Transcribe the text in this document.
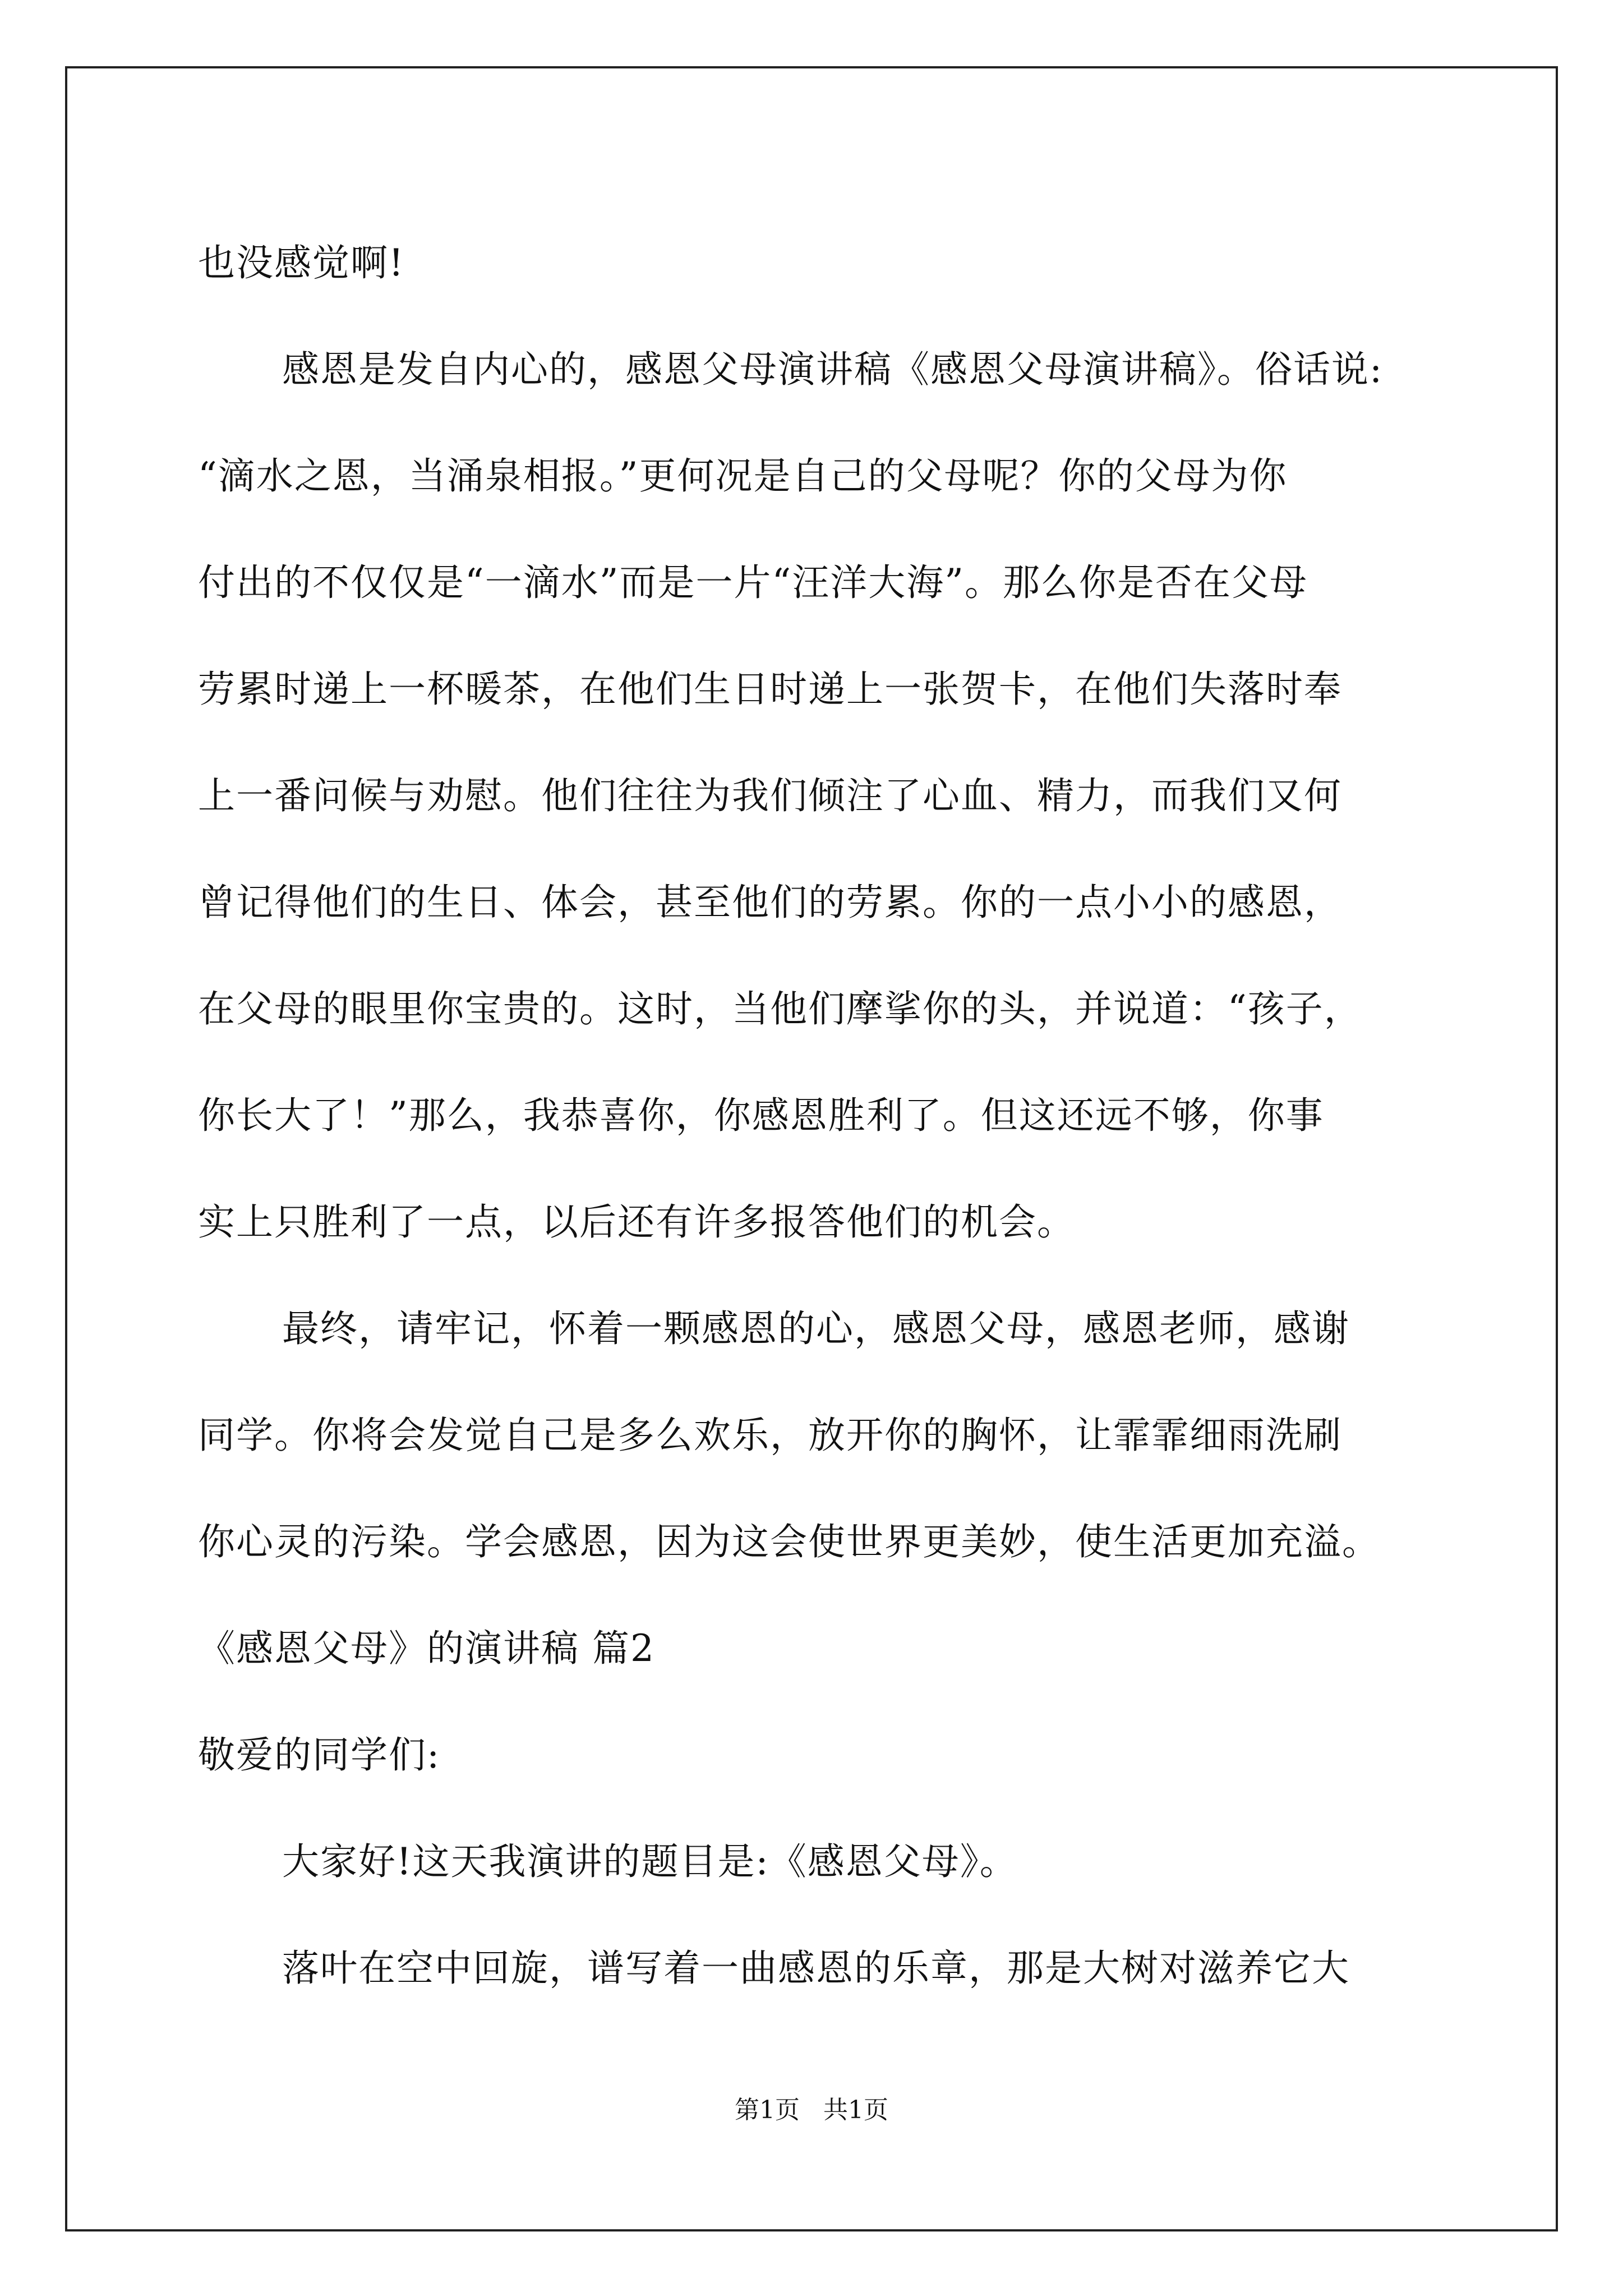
也没感觉啊!
感恩是发自内心的，感恩父母演讲稿《感恩父母演讲稿》。俗话说:
“滴水之恩，当涌泉相报。”更何况是自己的父母呢？你的父母为你
付出的不仅仅是“一滴水”而是一片“汪洋大海”。那么你是否在父母
劳累时递上一杯暖茶，在他们生日时递上一张贺卡，在他们失落时奉
上一番问候与劝慰。他们往往为我们倾注了心血、精力，而我们又何
曾记得他们的生日、体会，甚至他们的劳累。你的一点小小的感恩，
在父母的眼里你宝贵的。这时，当他们摩挲你的头，并说道：“孩子，
你长大了！”那么，我恭喜你，你感恩胜利了。但这还远不够，你事
实上只胜利了一点，以后还有许多报答他们的机会。
最终，请牢记，怀着一颗感恩的心，感恩父母，感恩老师，感谢
同学。你将会发觉自己是多么欢乐，放开你的胸怀，让霏霏细雨洗刷
你心灵的污染。学会感恩，因为这会使世界更美妙，使生活更加充溢。
《感恩父母》的演讲稿 篇2
敬爱的同学们:
大家好!这天我演讲的题目是:《感恩父母》。
落叶在空中回旋，谱写着一曲感恩的乐章，那是大树对滋养它大
第1页   共1页
